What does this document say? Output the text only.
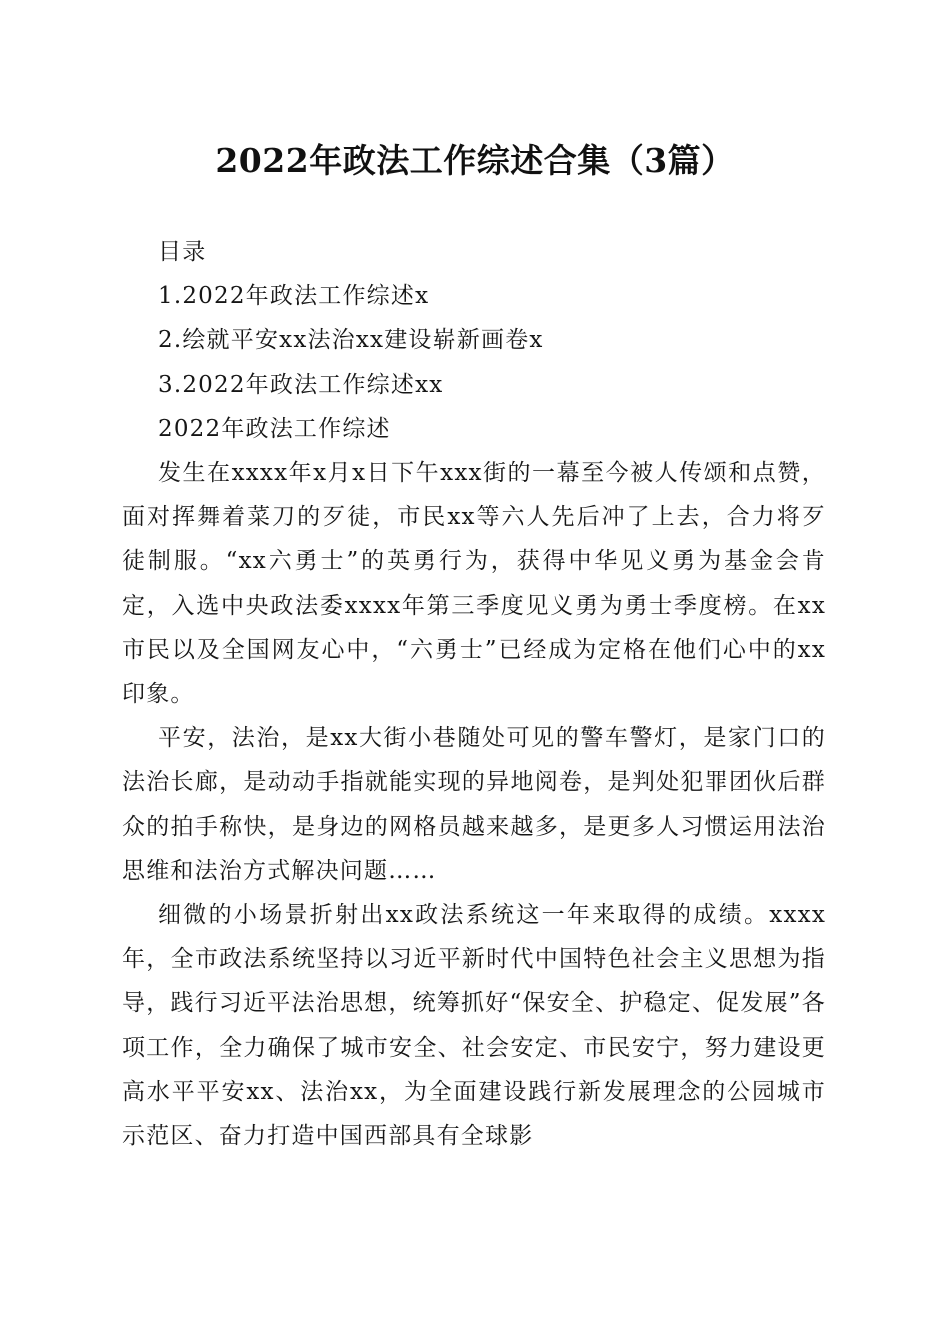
2022年政法工作综述合集（3篇）
目录
1.2022年政法工作综述x
2.绘就平安xx法治xx建设崭新画卷x
3.2022年政法工作综述xx
2022年政法工作综述

发生在xxxx年x月x日下午xxx街的一幕至今被人传颂和点赞，面对挥舞着菜刀的歹徒，市民xx等六人先后冲了上去，合力将歹徒制服。“xx六勇士”的英勇行为，获得中华见义勇为基金会肯定，入选中央政法委xxxx年第三季度见义勇为勇士季度榜。在xx市民以及全国网友心中，“六勇士”已经成为定格在他们心中的xx印象。

平安，法治，是xx大街小巷随处可见的警车警灯，是家门口的法治长廊，是动动手指就能实现的异地阅卷，是判处犯罪团伙后群众的拍手称快，是身边的网格员越来越多，是更多人习惯运用法治思维和法治方式解决问题……

细微的小场景折射出xx政法系统这一年来取得的成绩。xxxx年，全市政法系统坚持以习近平新时代中国特色社会主义思想为指导，践行习近平法治思想，统筹抓好“保安全、护稳定、促发展”各项工作，全力确保了城市安全、社会安定、市民安宁，努力建设更高水平平安xx、法治xx，为全面建设践行新发展理念的公园城市示范区、奋力打造中国西部具有全球影
